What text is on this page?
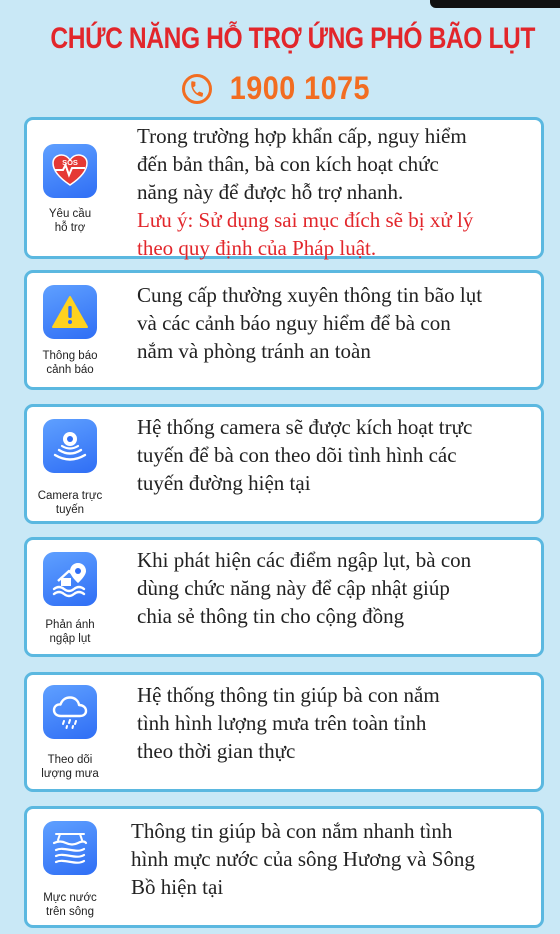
CHỨC NĂNG HỖ TRỢ ỨNG PHÓ BÃO LỤT
1900 1075
SOS
Yêu cầu
hỗ trợ
Trong trường hợp khẩn cấp, nguy hiểm
đến bản thân, bà con kích hoạt chức
năng này để được hỗ trợ nhanh.
Lưu ý: Sử dụng sai mục đích sẽ bị xử lý
theo quy định của Pháp luật.
Thông báo
cảnh báo
Cung cấp thường xuyên thông tin bão lụt
và các cảnh báo nguy hiểm để bà con
nắm và phòng tránh an toàn
Camera trực
tuyến
Hệ thống camera sẽ được kích hoạt trực
tuyến để bà con theo dõi tình hình các
tuyến đường hiện tại
Phản ánh
ngập lụt
Khi phát hiện các điểm ngập lụt, bà con
dùng chức năng này để cập nhật giúp
chia sẻ thông tin cho cộng đồng
Theo dõi
lượng mưa
Hệ thống thông tin giúp bà con nắm
tình hình lượng mưa trên toàn tỉnh
theo thời gian thực
Mực nước
trên sông
Thông tin giúp bà con nắm nhanh tình
hình mực nước của sông Hương và Sông
Bồ hiện tại
